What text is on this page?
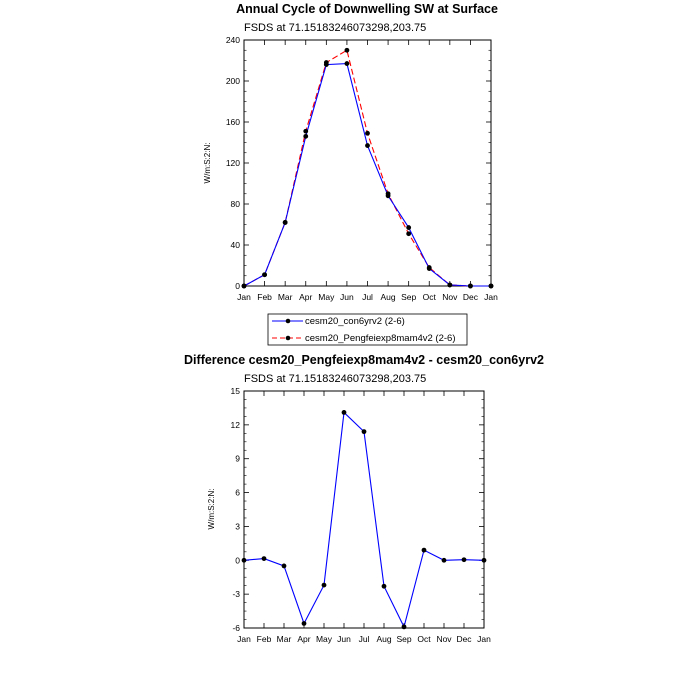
Annual Cycle of Downwelling SW at Surface
FSDS at 71.15183246073298,203.75
W/m:S:2:N:
0
40
80
120
160
200
240
Jan Feb Mar Apr May Jun Jul Aug Sep Oct Nov Dec Jan
cesm20_con6yrv2 (2-6)
cesm20_Pengfeiexp8mam4v2 (2-6)
Difference cesm20_Pengfeiexp8mam4v2 - cesm20_con6yrv2
FSDS at 71.15183246073298,203.75
W/m:S:2:N:
-6
-3
0
3
6
9
12
15
Jan Feb Mar Apr May Jun Jul Aug Sep Oct Nov Dec Jan
